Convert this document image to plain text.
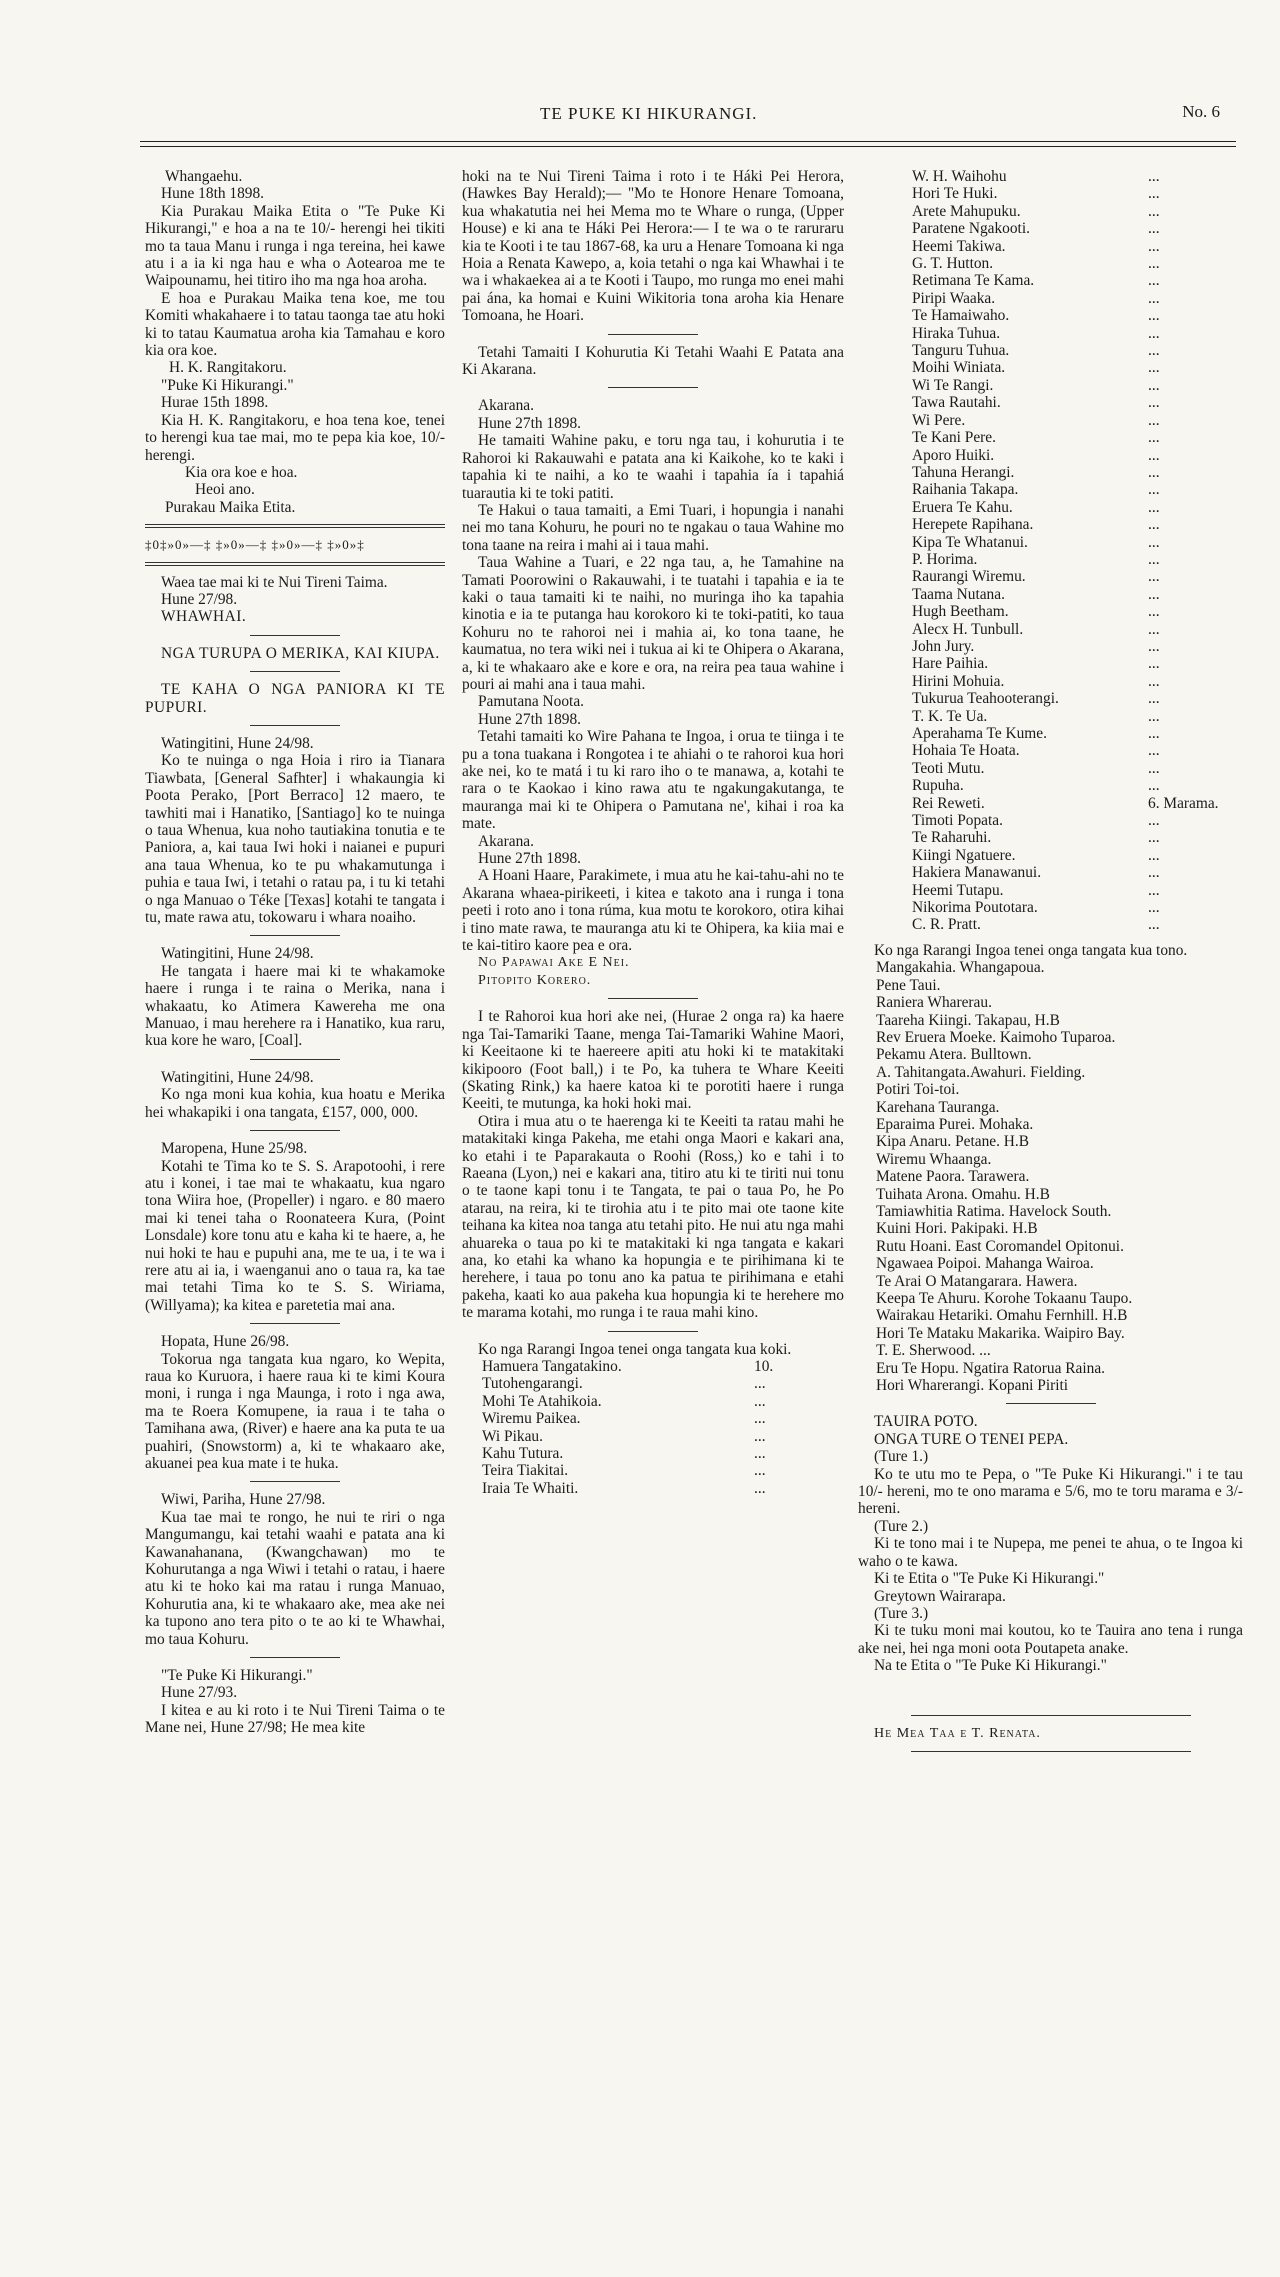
TE PUKE KI HIKURANGI.	No. 6

Whangaehu.

Hune 18th 1898.

Kia Purakau Maika Etita o "Te Puke Ki Hikurangi," e hoa a na te 10/- herengi hei tikiti mo ta taua Manu i runga i nga tereina, hei kawe atu i a ia ki nga hau e wha o Aotearoa me te Waipounamu, hei titiro iho ma nga hoa aroha.

E hoa e Purakau Maika tena koe, me tou Komiti whakahaere i to tatau taonga tae atu hoki ki to tatau Kaumatua aroha kia Tamahau e koro kia ora koe.

H. K. Rangitakoru.

"Puke Ki Hikurangi."

Hurae 15th 1898.

Kia H. K. Rangitakoru, e hoa tena koe, tenei to herengi kua tae mai, mo te pepa kia koe, 10/- herengi.

Kia ora koe e hoa.

Heoi ano.

Purakau Maika Etita.

‡0‡»0»—‡ ‡»0»—‡ ‡»0»—‡ ‡»0»‡

Waea tae mai ki te Nui Tireni Taima.

Hune 27/98.

WHAWHAI.

NGA TURUPA O MERIKA, KAI KIUPA.

TE KAHA O NGA PANIORA KI TE PUPURI.

Watingitini, Hune 24/98.

Ko te nuinga o nga Hoia i riro ia Tianara Tiawbata, [General Safhter] i whakaungia ki Poota Perako, [Port Berraco] 12 maero, te tawhiti mai i Hanatiko, [Santiago] ko te nuinga o taua Whenua, kua noho tautiakina tonutia e te Paniora, a, kai taua Iwi hoki i naianei e pupuri ana taua Whenua, ko te pu whakamutunga i puhia e taua Iwi, i tetahi o ratau pa, i tu ki tetahi o nga Manuao o Téke [Texas] kotahi te tangata i tu, mate rawa atu, tokowaru i whara noaiho.

Watingitini, Hune 24/98.

He tangata i haere mai ki te whakamoke haere i runga i te raina o Merika, nana i whakaatu, ko Atimera Kawereha me ona Manuao, i mau herehere ra i Hanatiko, kua raru, kua kore he waro, [Coal].

Watingitini, Hune 24/98.

Ko nga moni kua kohia, kua hoatu e Merika hei whakapiki i ona tangata, £157, 000, 000.

Maropena, Hune 25/98.

Kotahi te Tima ko te S. S. Arapotoohi, i rere atu i konei, i tae mai te whakaatu, kua ngaro tona Wiira hoe, (Propeller) i ngaro. e 80 maero mai ki tenei taha o Roonateera Kura, (Point Lonsdale) kore tonu atu e kaha ki te haere, a, he nui hoki te hau e pupuhi ana, me te ua, i te wa i rere atu ai ia, i waenganui ano o taua ra, ka tae mai tetahi Tima ko te S. S. Wiriama, (Willyama); ka kitea e paretetia mai ana.

Hopata, Hune 26/98.

Tokorua nga tangata kua ngaro, ko Wepita, raua ko Kuruora, i haere raua ki te kimi Koura moni, i runga i nga Maunga, i roto i nga awa, ma te Roera Komupene, ia raua i te taha o Tamihana awa, (River) e haere ana ka puta te ua puahiri, (Snowstorm) a, ki te whakaaro ake, akuanei pea kua mate i te huka.

Wiwi, Pariha, Hune 27/98.

Kua tae mai te rongo, he nui te riri o nga Mangumangu, kai tetahi waahi e patata ana ki Kawanahanana, (Kwangchawan) mo te Kohurutanga a nga Wiwi i tetahi o ratau, i haere atu ki te hoko kai ma ratau i runga Manuao, Kohurutia ana, ki te whakaaro ake, mea ake nei ka tupono ano tera pito o te ao ki te Whawhai, mo taua Kohuru.

"Te Puke Ki Hikurangi."

Hune 27/93.

I kitea e au ki roto i te Nui Tireni Taima o te Mane nei, Hune 27/98; He mea kite

hoki na te Nui Tireni Taima i roto i te Háki Pei Herora, (Hawkes Bay Herald);— "Mo te Honore Henare Tomoana, kua whakatutia nei hei Mema mo te Whare o runga, (Upper House) e ki ana te Háki Pei Herora:— I te wa o te raruraru kia te Kooti i te tau 1867-68, ka uru a Henare Tomoana ki nga Hoia a Renata Kawepo, a, koia tetahi o nga kai Whawhai i te wa i whakaekea ai a te Kooti i Taupo, mo runga mo enei mahi pai ána, ka homai e Kuini Wikitoria tona aroha kia Henare Tomoana, he Hoari.

Tetahi Tamaiti I Kohurutia Ki Tetahi Waahi E Patata ana Ki Akarana.

Akarana.

Hune 27th 1898.

He tamaiti Wahine paku, e toru nga tau, i kohurutia i te Rahoroi ki Rakauwahi e patata ana ki Kaikohe, ko te kaki i tapahia ki te naihi, a ko te waahi i tapahia ía i tapahiá tuarautia ki te toki patiti.

Te Hakui o taua tamaiti, a Emi Tuari, i hopungia i nanahi nei mo tana Kohuru, he pouri no te ngakau o taua Wahine mo tona taane na reira i mahi ai i taua mahi.

Taua Wahine a Tuari, e 22 nga tau, a, he Tamahine na Tamati Poorowini o Rakauwahi, i te tuatahi i tapahia e ia te kaki o taua tamaiti ki te naihi, no muringa iho ka tapahia kinotia e ia te putanga hau korokoro ki te toki-patiti, ko taua Kohuru no te rahoroi nei i mahia ai, ko tona taane, he kaumatua, no tera wiki nei i tukua ai ki te Ohipera o Akarana, a, ki te whakaaro ake e kore e ora, na reira pea taua wahine i pouri ai mahi ana i taua mahi.

Pamutana Noota.

Hune 27th 1898.

Tetahi tamaiti ko Wire Pahana te Ingoa, i orua te tiinga i te pu a tona tuakana i Rongotea i te ahiahi o te rahoroi kua hori ake nei, ko te matá i tu ki raro iho o te manawa, a, kotahi te rara o te Kaokao i kino rawa atu te ngakungakutanga, te mauranga mai ki te Ohipera o Pamutana ne', kihai i roa ka mate.

Akarana.

Hune 27th 1898.

A Hoani Haare, Parakimete, i mua atu he kai-tahu-ahi no te Akarana whaea-pirikeeti, i kitea e takoto ana i runga i tona peeti i roto ano i tona rúma, kua motu te korokoro, otira kihai i tino mate rawa, te mauranga atu ki te Ohipera, ka kiia mai e te kai-titiro kaore pea e ora.

No Papawai Ake E Nei.

Pitopito Korero.

I te Rahoroi kua hori ake nei, (Hurae 2 onga ra) ka haere nga Tai-Tamariki Taane, menga Tai-Tamariki Wahine Maori, ki Keeitaone ki te haereere apiti atu hoki ki te matakitaki kikipooro (Foot ball,) i te Po, ka tuhera te Whare Keeiti (Skating Rink,) ka haere katoa ki te porotiti haere i runga Keeiti, te mutunga, ka hoki hoki mai.

Otira i mua atu o te haerenga ki te Keeiti ta ratau mahi he matakitaki kinga Pakeha, me etahi onga Maori e kakari ana, ko etahi i te Paparakauta o Roohi (Ross,) ko e tahi i to Raeana (Lyon,) nei e kakari ana, titiro atu ki te tiriti nui tonu o te taone kapi tonu i te Tangata, te pai o taua Po, he Po atarau, na reira, ki te tirohia atu i te pito mai ote taone kite teihana ka kitea noa tanga atu tetahi pito. He nui atu nga mahi ahuareka o taua po ki te matakitaki ki nga tangata e kakari ana, ko etahi ka whano ka hopungia e te pirihimana ki te herehere, i taua po tonu ano ka patua te pirihimana e etahi pakeha, kaati ko aua pakeha kua hopungia ki te herehere mo te marama kotahi, mo runga i te raua mahi kino.

Ko nga Rarangi Ingoa tenei onga tangata kua koki.

Hamuera Tangatakino.	10.
Tutohengarangi.	...
Mohi Te Atahikoia.	...
Wiremu Paikea.	...
Wi Pikau.	...
Kahu Tutura.	...
Teira Tiakitai.	...
Iraia Te Whaiti.	...
W. H. Waihohu	...
Hori Te Huki.	...
Arete Mahupuku.	...
Paratene Ngakooti.	...
Heemi Takiwa.	...
G. T. Hutton.	...
Retimana Te Kama.	...
Piripi Waaka.	...
Te Hamaiwaho.	...
Hiraka Tuhua.	...
Tanguru Tuhua.	...
Moihi Winiata.	...
Wi Te Rangi.	...
Tawa Rautahi.	...
Wi Pere.	...
Te Kani Pere.	...
Aporo Huiki.	...
Tahuna Herangi.	...
Raihania Takapa.	...
Eruera Te Kahu.	...
Herepete Rapihana.	...
Kipa Te Whatanui.	...
P. Horima.	...
Raurangi Wiremu.	...
Taama Nutana.	...
Hugh Beetham.	...
Alecx H. Tunbull.	...
John Jury.	...
Hare Paihia.	...
Hirini Mohuia.	...
Tukurua Teahooterangi.	...
T. K. Te Ua.	...
Aperahama Te Kume.	...
Hohaia Te Hoata.	...
Teoti Mutu.	...
Rupuha.	...
Rei Reweti.	6. Marama.
Timoti Popata.	...
Te Raharuhi.	...
Kiingi Ngatuere.	...
Hakiera Manawanui.	...
Heemi Tutapu.	...
Nikorima Poutotara.	...
C. R. Pratt.	...

Ko nga Rarangi Ingoa tenei onga tangata kua tono.

Mangakahia. Whangapoua.

Pene Taui.

Raniera Wharerau.

Taareha Kiingi. Takapau, H.B

Rev Eruera Moeke. Kaimoho Tuparoa.

Pekamu Atera. Bulltown.

A. Tahitangata.Awahuri. Fielding.

Potiri Toi-toi.

Karehana Tauranga.

Eparaima Purei. Mohaka.

Kipa Anaru. Petane. H.B

Wiremu Whaanga.

Matene Paora. Tarawera.

Tuihata Arona. Omahu. H.B

Tamiawhitia Ratima. Havelock South.

Kuini Hori. Pakipaki. H.B

Rutu Hoani. East Coromandel Opitonui.

Ngawaea Poipoi. Mahanga Wairoa.

Te Arai O Matangarara. Hawera.

Keepa Te Ahuru. Korohe Tokaanu Taupo.

Wairakau Hetariki. Omahu Fernhill. H.B

Hori Te Mataku Makarika. Waipiro Bay.

T. E. Sherwood. ...

Eru Te Hopu. Ngatira Ratorua Raina.

Hori Wharerangi. Kopani Piriti

TAUIRA POTO.

ONGA TURE O TENEI PEPA.

(Ture 1.)

Ko te utu mo te Pepa, o "Te Puke Ki Hikurangi." i te tau 10/- hereni, mo te ono marama e 5/6, mo te toru marama e 3/- hereni.

(Ture 2.)

Ki te tono mai i te Nupepa, me penei te ahua, o te Ingoa ki waho o te kawa.

Ki te Etita o "Te Puke Ki Hikurangi."

Greytown Wairarapa.

(Ture 3.)

Ki te tuku moni mai koutou, ko te Tauira ano tena i runga ake nei, hei nga moni oota Poutapeta anake.

Na te Etita o "Te Puke Ki Hikurangi."

He Mea Taa e T. Renata.
